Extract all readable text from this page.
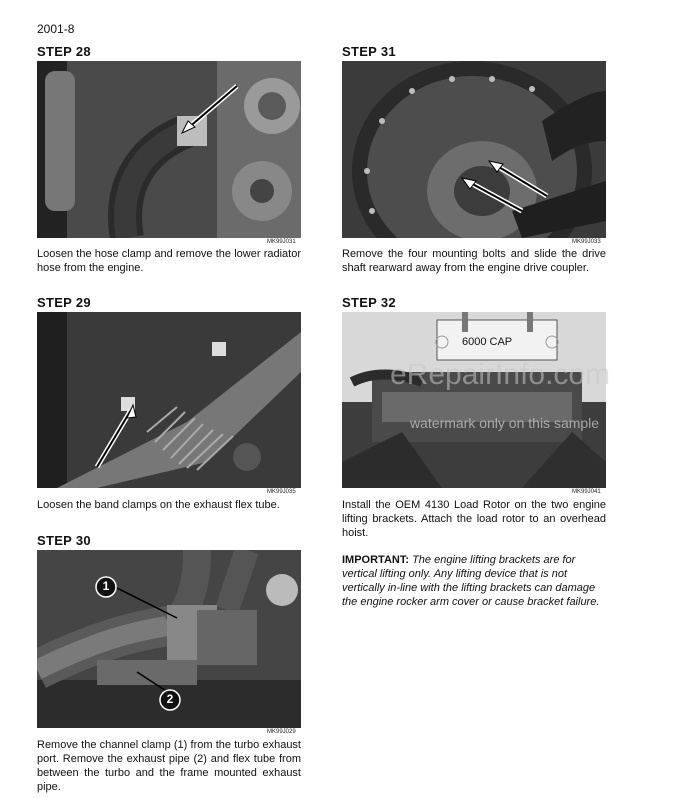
2001-8
STEP 28
MK99J031
Loosen the hose clamp and remove the lower radiator hose from the engine.
STEP 29
MK99J035
Loosen the band clamps on the exhaust flex tube.
STEP 30
1
2
MK99J029
Remove the channel clamp (1) from the turbo exhaust port. Remove the exhaust pipe (2) and flex tube from between the turbo and the frame mounted exhaust pipe.
STEP 31
MK99J033
Remove the four mounting bolts and slide the drive shaft rearward away from the engine drive coupler.
STEP 32
6000 CAP
MK99J041
Install the OEM 4130 Load Rotor on the two engine lifting brackets. Attach the load rotor to an overhead hoist.
IMPORTANT: The engine lifting brackets are for vertical lifting only. Any lifting device that is not vertically in-line with the lifting brackets can damage the engine rocker arm cover or cause bracket failure.
eRepairInfo.com
watermark only on this sample
